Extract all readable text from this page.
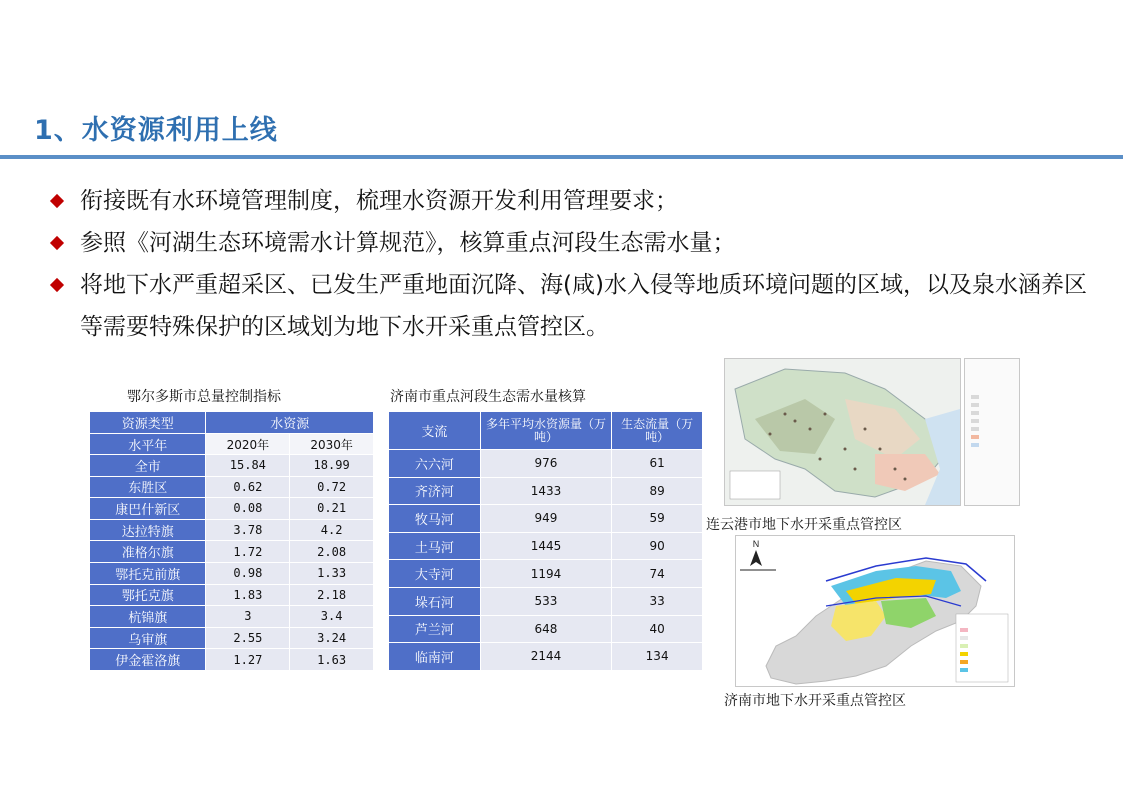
1、水资源利用上线
衔接既有水环境管理制度，梳理水资源开发利用管理要求；
参照《河湖生态环境需水计算规范》，核算重点河段生态需水量；
将地下水严重超采区、已发生严重地面沉降、海(咸)水入侵等地质环境问题的区域，以及泉水涵养区等需要特殊保护的区域划为地下水开采重点管控区。
鄂尔多斯市总量控制指标
资源类型	水资源	
水平年	2020年	2030年
全市	15.84	18.99
东胜区	0.62	0.72
康巴什新区	0.08	0.21
达拉特旗	3.78	4.2
准格尔旗	1.72	2.08
鄂托克前旗	0.98	1.33
鄂托克旗	1.83	2.18
杭锦旗	3	3.4
乌审旗	2.55	3.24
伊金霍洛旗	1.27	1.63
济南市重点河段生态需水量核算
支流	多年平均水资源量（万吨）	生态流量（万吨）
六六河	976	61
齐济河	1433	89
牧马河	949	59
土马河	1445	90
大寺河	1194	74
垛石河	533	33
芦兰河	648	40
临南河	2144	134
连云港市地下水开采重点管控区
N
济南市地下水开采重点管控区
